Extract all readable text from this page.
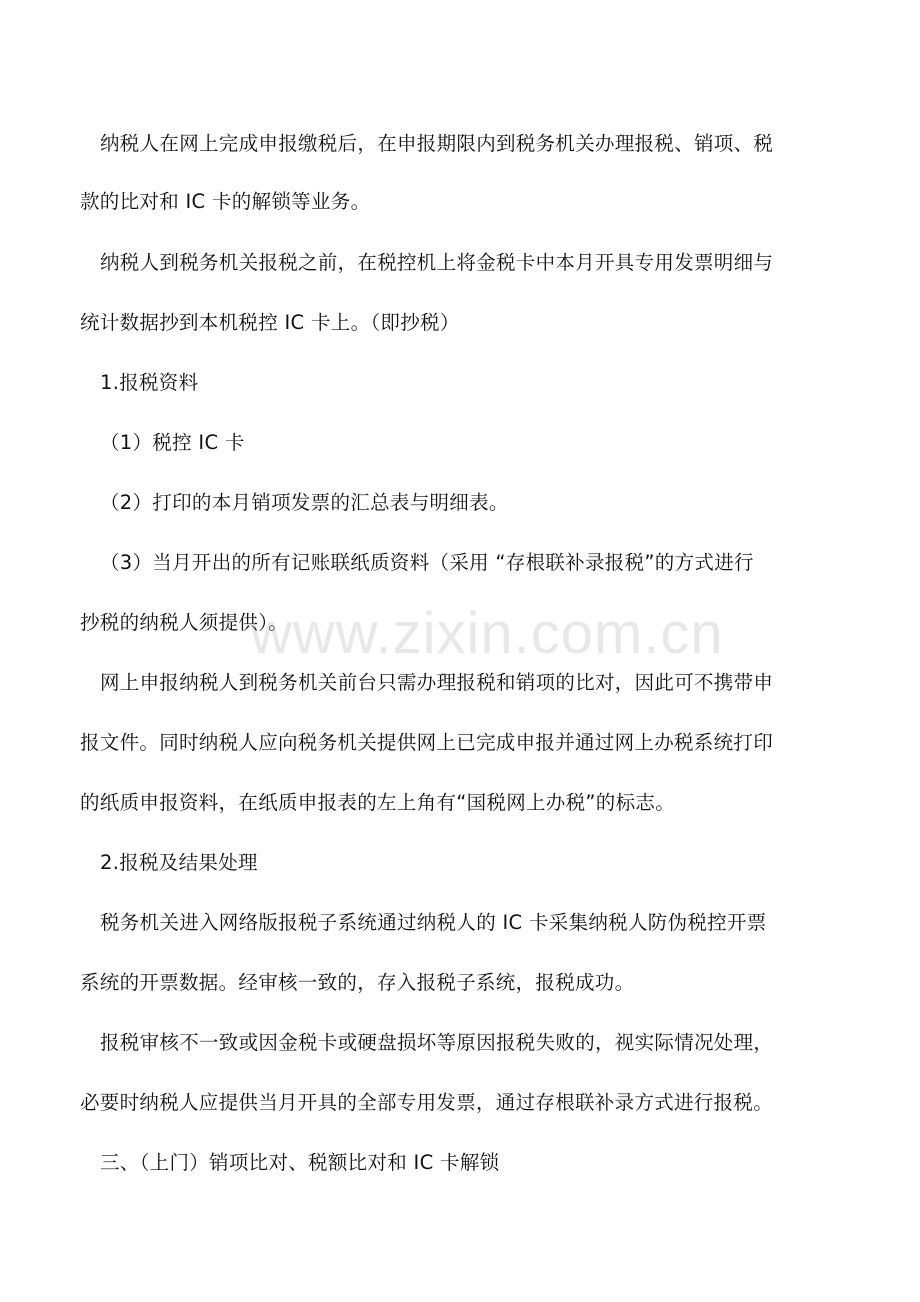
纳税人在网上完成申报缴税后，在申报期限内到税务机关办理报税、销项、税
款的比对和 IC 卡的解锁等业务。
纳税人到税务机关报税之前，在税控机上将金税卡中本月开具专用发票明细与
统计数据抄到本机税控 IC 卡上。（即抄税）
1.报税资料
（1）税控 IC 卡
（2）打印的本月销项发票的汇总表与明细表。
（3）当月开出的所有记账联纸质资料（采用 “存根联补录报税”的方式进行
抄税的纳税人须提供）。
网上申报纳税人到税务机关前台只需办理报税和销项的比对，因此可不携带申
报文件。同时纳税人应向税务机关提供网上已完成申报并通过网上办税系统打印
的纸质申报资料，在纸质申报表的左上角有“国税网上办税”的标志。
2.报税及结果处理
税务机关进入网络版报税子系统通过纳税人的 IC 卡采集纳税人防伪税控开票
系统的开票数据。经审核一致的，存入报税子系统，报税成功。
报税审核不一致或因金税卡或硬盘损坏等原因报税失败的，视实际情况处理，
必要时纳税人应提供当月开具的全部专用发票，通过存根联补录方式进行报税。
三、（上门）销项比对、税额比对和 IC 卡解锁
www.zixin.com.cn
